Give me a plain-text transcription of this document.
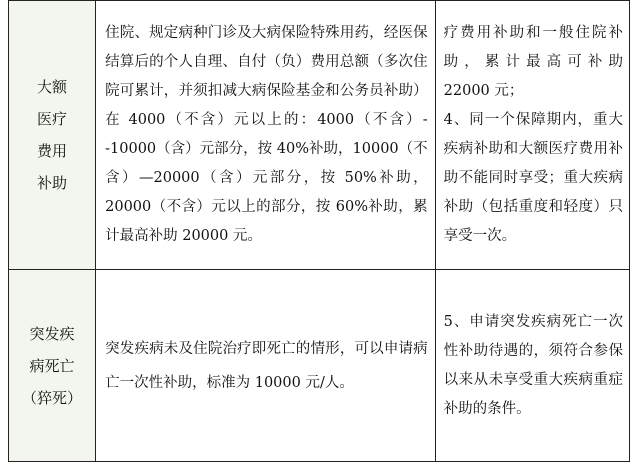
大额
医疗
费用
补助	住院、规定病种门诊及大病保险特殊用药，经医保结算后的个人自理、自付（负）费用总额（多次住院可累计，并须扣减大病保险基金和公务员补助）在 4000（不含）元以上的：4000（不含）--10000（含）元部分，按 40%补助，10000（不含）—20000（含）元部分，按 50%补助，20000（不含）元以上的部分，按 60%补助，累计最高补助 20000 元。	疗费用补助和一般住院补助，累计最高可补助 22000 元；
4、同一个保障期内，重大疾病补助和大额医疗费用补助不能同时享受；重大疾病补助（包括重度和轻度）只享受一次。

突发疾
病死亡
（猝死）	突发疾病未及住院治疗即死亡的情形，可以申请病亡一次性补助，标准为 10000 元/人。	5、申请突发疾病死亡一次性补助待遇的，须符合参保以来从未享受重大疾病重症补助的条件。
